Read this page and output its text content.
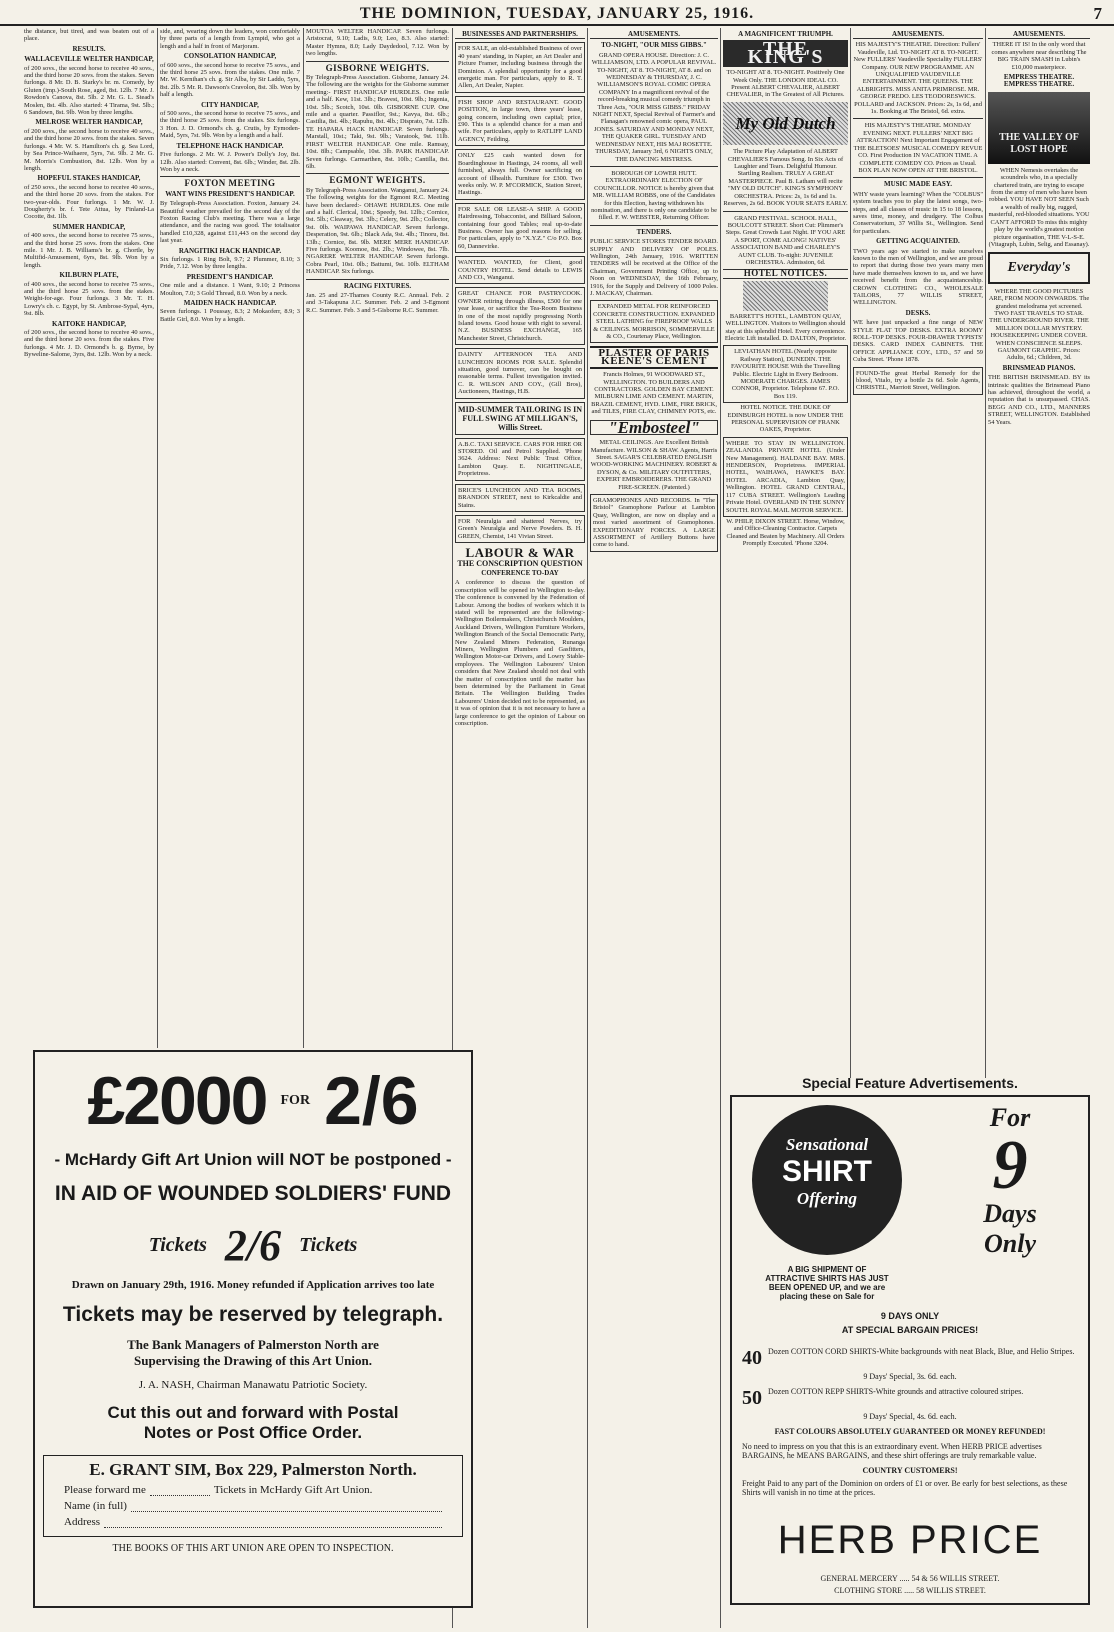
THE DOMINION, TUESDAY, JANUARY 25, 1916.	7

the distance, but tired, and was beaten out of a place.

RESULTS.

WALLACEVILLE WELTER HANDICAP,

of 200 sovs., the second horse to receive 40 sovs., and the third horse 20 sovs. from the stakes. Seven furlongs. 8 Mr. D. B. Starky's br. m. Comedy, by Gluten (imp.)-South Rose, aged, 8st. 12lb. 7 Mr. J. Rowdon's Canova, 8st. 5lb. 2 Mr. G. L. Stead's Moslen, 8st. 4lb. Also started: 4 Tirama, 9st. 5lb.; 6 Sandown, 8st. 9lb. Won by three lengths.

MELROSE WELTER HANDICAP,

of 200 sovs., the second horse to receive 40 sovs., and the third horse 20 sovs. from the stakes. Seven furlongs. 4 Mr. W. S. Hamilton's ch. g. Sea Lord, by Sea Prince-Waihaere, 5yrs, 7st. 9lb. 2 Mr. G. M. Morris's Combustion, 8st. 12lb. Won by a length.

HOPEFUL STAKES HANDICAP,

of 250 sovs., the second horse to receive 40 sovs., and the third horse 20 sovs. from the stakes. For two-year-olds. Four furlongs. 1 Mr. W. J. Dougherty's br. f. Tete Attua, by Finland-La Cocotte, 8st. 1lb.

SUMMER HANDICAP,

of 400 sovs., the second horse to receive 75 sovs., and the third horse 25 sovs. from the stakes. One mile. 1 Mr. J. B. Williams's br. g. Chortle, by Multifid-Amusement, 6yrs, 8st. 9lb. Won by a length.

KILBURN PLATE,

of 400 sovs., the second horse to receive 75 sovs., and the third horse 25 sovs. from the stakes. Weight-for-age. Four furlongs. 3 Mr. T. H. Lowry's ch. c. Egypt, by St. Ambrose-Sypal, 4yrs, 9st. 8lb.

KAITOKE HANDICAP,

of 200 sovs., the second horse to receive 40 sovs., and the third horse 20 sovs. from the stakes. Five furlongs. 4 Mr. J. D. Ormond's b. g. Byrne, by Byweline-Salome, 3yrs, 8st. 12lb. Won by a neck.

side, and, wearing down the leaders, won comfortably by three parts of a length from Lympid, who got a length and a half in front of Marjoram.

CONSOLATION HANDICAP,

of 600 sovs., the second horse to receive 75 sovs., and the third horse 25 sovs. from the stakes. One mile. 7 Mr. W. Kernihan's ch. g. Sir Alba, by Sir Laddo, 5yrs, 8st. 2lb. 5 Mr. R. Dawson's Cravolon, 8st. 3lb. Won by half a length.

CITY HANDICAP,

of 500 sovs., the second horse to receive 75 sovs., and the third horse 25 sovs. from the stakes. Six furlongs. 3 Hon. J. D. Ormond's ch. g. Crutis, by Eymoden-Maid, 5yrs, 7st. 9lb. Won by a length and a half.

TELEPHONE HACK HANDICAP.

Five furlongs. 2 Mr. W. J. Power's Dolly's Joy, 8st. 12lb. Also started: Convent, 8st. 6lb.; Winder, 8st. 2lb. Won by a neck.

FOXTON MEETING
WANT WINS PRESIDENT'S HANDICAP.

By Telegraph-Press Association. Foxton, January 24. Beautiful weather prevailed for the second day of the Foxton Racing Club's meeting. There was a large attendance, and the racing was good. The totalisator handled £10,328, against £11,443 on the second day last year.

RANGITIKI HACK HANDICAP.

Six furlongs. 1 Ring Bolt, 9.7; 2 Plummer, 8.10; 3 Pride, 7.12. Won by three lengths.

PRESIDENT'S HANDICAP.

One mile and a distance. 1 Want, 9.10; 2 Princess Moulton, 7.0; 3 Gold Thread, 8.0. Won by a neck.

MAIDEN HACK HANDICAP.

Seven furlongs. 1 Poussay, 8.3; 2 Mokaoferr, 8.9; 3 Battle Girl, 8.0. Won by a length.

MOUTOA WELTER HANDICAP. Seven furlongs. Aristocrat, 9.10; Ladis, 9.0; Leo, 8.3. Also started: Master Hymns, 8.0; Lady Daydedool, 7.12. Won by two lengths.

GISBORNE WEIGHTS.

By Telegraph-Press Association. Gisborne, January 24. The following are the weights for the Gisborne summer meeting:- FIRST HANDICAP HURDLES. One mile and a half. Kew, 11st. 3lb.; Bravest, 10st. 9lb.; Ingenia, 10st. 5lb.; Scotch, 10st. 0lb. GISBORNE CUP. One mile and a quarter. Passiflor, 9st.; Kavya, 8st. 6lb.; Castilia, 8st. 4lb.; Rapuhu, 8st. 4lb.; Disprato, 7st. 12lb. TE HAPARA HACK HANDICAP. Seven furlongs. Marstall, 10st.; Taki, 9st. 9lb.; Varatook, 9st. 11lb. FIRST WELTER HANDICAP. One mile. Ramsay, 10st. 8lb.; Campsable, 10st. 3lb. PARK HANDICAP. Seven furlongs. Carmarthen, 8st. 10lb.; Cantilla, 8st. 6lb.

EGMONT WEIGHTS.

By Telegraph-Press Association. Wanganui, January 24. The following weights for the Egmont R.C. Meeting have been declared:- OHAWE HURDLES. One mile and a half. Clerical, 10st.; Speedy, 9st. 12lb.; Cornice, 9st. 5lb.; Cleaway, 9st. 3lb.; Celery, 9st. 2lb.; Collector, 9st. 0lb. WAIPAWA HANDICAP. Seven furlongs. Desperation, 9st. 6lb.; Black Ada, 9st. 4lb.; Tinoru, 8st. 13lb.; Cornice, 8st. 9lb. MERE MERE HANDICAP. Five furlongs. Koomoe, 8st. 2lb.; Windowee, 8st. 7lb. NGARERE WELTER HANDICAP. Seven furlongs. Cobra Pearl, 10st. 0lb.; Battumi, 9st. 10lb. ELTHAM HANDICAP. Six furlongs.

RACING FIXTURES.

Jan. 25 and 27-Thames County R.C. Annual. Feb. 2 and 3-Takapuna J.C. Summer. Feb. 2 and 3-Egmont R.C. Summer. Feb. 3 and 5-Gisborne R.C. Summer.

BUSINESSES AND PARTNERSHIPS.

FOR SALE, an old-established Business of over 40 years' standing, in Napier, an Art Dealer and Picture Framer, including business through the Dominion. A splendial opportunity for a good energetic man. For particulars, apply to R. T. Allen, Art Dealer, Napier.

FISH SHOP AND RESTAURANT. GOOD POSITION, in large town, three years' lease, going concern, including own capital; price, £90. This is a splendid chance for a man and wife. For particulars, apply to RATLIFF LAND AGENCY, Feilding.

ONLY £25 cash wanted down for Boardinghouse in Hastings, 24 rooms, all well furnished, always full. Owner sacrificing on account of illhealth. Furniture for £300. Two weeks only. W. P. M'CORMICK, Station Street, Hastings.

FOR SALE OR LEASE-A SHIP. A GOOD Hairdressing, Tobacconist, and Billiard Saloon, containing four good Tables; real up-to-date Business. Owner has good reasons for selling. For particulars, apply to "X.Y.Z." C/o P.O. Box 60, Dannevirke.

WANTED. WANTED, for Client, good COUNTRY HOTEL. Send details to LEWIS AND CO., Wanganui.

GREAT CHANCE FOR PASTRYCOOK. OWNER retiring through illness, £500 for one year lease, or sacrifice the Tea-Room Business in one of the most rapidly progressing North Island towns. Good house with right to several. N.Z. BUSINESS EXCHANGE, 165 Manchester Street, Christchurch.

DAINTY AFTERNOON TEA AND LUNCHEON ROOMS FOR SALE. Splendid situation, good turnover, can be bought on reasonable terms. Fullest investigation invited. C. R. WILSON AND COY., (Gill Bros), Auctioneers, Hastings, H.B.

MID-SUMMER TAILORING IS IN FULL SWING AT MILLIGAN'S, Willis Street.

A.B.C. TAXI SERVICE. CARS FOR HIRE OR STORED. Oil and Petrol Supplied. 'Phone 3624. Address: Next Public Trust Office, Lambton Quay. E. NIGHTINGALE, Proprietress.

BRICE'S LUNCHEON AND TEA ROOMS, BRANDON STREET, next to Kirkcaldie and Stains.

FOR Neuralgia and shattered Nerves, try Green's Neuralgia and Nerve Powders. B. H. GREEN, Chemist, 141 Vivian Street.

LABOUR & WAR
THE CONSCRIPTION QUESTION
CONFERENCE TO-DAY

A conference to discuss the question of conscription will be opened in Wellington to-day. The conference is convened by the Federation of Labour. Among the bodies of workers which it is stated will be represented are the following:-Wellington Boilermakers, Christchurch Moulders, Auckland Drivers, Wellington Furniture Workers, Wellington Branch of the Social Democratic Party, New Zealand Miners Federation, Runanga Miners, Wellington Plumbers and Gasfitters, Wellington Motor-car Drivers, and Lowry Stable-employees. The Wellington Labourers' Union considers that New Zealand should not deal with the matter of conscription until the matter has been determined by the Parliament in Great Britain. The Wellington Building Trades Labourers' Union decided not to be represented, as it was of opinion that it is not necessary to have a large conference to get the opinion of Labour on conscription.

AMUSEMENTS.
TO-NIGHT, "OUR MISS GIBBS."

GRAND OPERA HOUSE. Direction: J. C. WILLIAMSON, LTD. A POPULAR REVIVAL. TO-NIGHT, AT 8. TO-NIGHT, AT 8. and on WEDNESDAY & THURSDAY, J. C. WILLIAMSON'S ROYAL COMIC OPERA COMPANY In a magnificent revival of the record-breaking musical comedy triumph in Three Acts, "OUR MISS GIBBS." FRIDAY NIGHT NEXT, Special Revival of Farmer's and Flanagan's renowned comic opera, PAUL JONES. SATURDAY AND MONDAY NEXT, THE QUAKER GIRL. TUESDAY AND WEDNESDAY NEXT, HIS MAJ ROSETTE. THURSDAY, January 3rd, 6 NIGHTS ONLY, THE DANCING MISTRESS.

BOROUGH OF LOWER HUTT. EXTRAORDINARY ELECTION OF COUNCILLOR. NOTICE is hereby given that MR. WILLIAM ROBBS, one of the Candidates for this Election, having withdrawn his nomination, and there is only one candidate to be filled. F. W. WEBSTER, Returning Officer.

TENDERS.

PUBLIC SERVICE STORES TENDER BOARD. SUPPLY AND DELIVERY OF POLES. Wellington, 24th January, 1916. WRITTEN TENDERS will be received at the Office of the Chairman, Government Printing Office, up to Noon on WEDNESDAY, the 16th February, 1916, for the Supply and Delivery of 1000 Poles. J. MACKAY, Chairman.

EXPANDED METAL FOR REINFORCED CONCRETE CONSTRUCTION. EXPANDED STEEL LATHING for FIREPROOF WALLS & CEILINGS. MORRISON, SOMMERVILLE & CO., Courtenay Place, Wellington.

PLASTER OF PARIS KEENE'S CEMENT

Francis Holmes, 91 WOODWARD ST., WELLINGTON. TO BUILDERS AND CONTRACTORS. GOLDEN BAY CEMENT. MILBURN LIME AND CEMENT. MARTIN, BRAZIL CEMENT, HYD. LIME, FIRE BRICK, and TILES, FIRE CLAY, CHIMNEY POTS, etc.

"Embosteel"

METAL CEILINGS. Are Excellent British Manufacture. WILSON & SHAW. Agents, Harris Street. SAGAR'S CELEBRATED ENGLISH WOOD-WORKING MACHINERY. ROBERT & DYSON, & Co. MILITARY OUTFITTERS, EXPERT EMBROIDERERS. THE GRAND FIRE-SCREEN. (Patented.)

GRAMOPHONES AND RECORDS. In "The Bristol" Gramophone Parlour at Lambton Quay, Wellington, are now on display and a most varied assortment of Gramophones. EXPEDITIONARY FORCES. A LARGE ASSORTMENT of Artillery Buttons have come to hand.

A MAGNIFICENT TRIUMPH.
THE KING'S

TO-NIGHT AT 8. TO-NIGHT. Positively One Week Only. THE LONDON IDEAL CO. Present ALBERT CHEVALIER, ALBERT CHEVALIER, in The Greatest of All Pictures.

My Old Dutch

The Picture Play Adaptation of ALBERT CHEVALIER'S Famous Song. In Six Acts of Laughter and Tears. Delightful Humour. Startling Realism. TRULY A GREAT MASTERPIECE. Paul B. Latham will recite "MY OLD DUTCH". KING'S SYMPHONY ORCHESTRA. Prices: 2s, 1s 6d and 1s. Reserves, 2s 6d. BOOK YOUR SEATS EARLY.

GRAND FESTIVAL. SCHOOL HALL, BOULCOTT STREET. Short Cut: Plimmer's Steps. Great Crowds Last Night. IF YOU ARE A SPORT, COME ALONG! NATIVES' ASSOCIATION BAND and CHARLEY'S AUNT CLUB. To-night: JUVENILE ORCHESTRA. Admission, 6d.

HOTEL NOTICES.

BARRETT'S HOTEL, LAMBTON QUAY, WELLINGTON. Visitors to Wellington should stay at this splendid Hotel. Every convenience. Electric Lift installed. D. DALTON, Proprietor.

LEVIATHAN HOTEL (Nearly opposite Railway Station), DUNEDIN. THE FAVOURITE HOUSE With the Travelling Public. Electric Light in Every Bedroom. MODERATE CHARGES. JAMES CONNOR, Proprietor. Telephone 67. P.O. Box 119.

HOTEL NOTICE. THE DUKE OF EDINBURGH HOTEL is now UNDER THE PERSONAL SUPERVISION OF FRANK OAKES, Proprietor.

WHERE TO STAY IN WELLINGTON. ZEALANDIA PRIVATE HOTEL (Under New Management). HALDANE BAY. MRS. HENDERSON, Proprietress. IMPERIAL HOTEL, WAIHAWA, HAWKE'S BAY. HOTEL ARCADIA, Lambton Quay, Wellington. HOTEL GRAND CENTRAL, 117 CUBA STREET. Wellington's Leading Private Hotel. OVERLAND IN THE SUNNY SOUTH. ROYAL MAIL MOTOR SERVICE.

W. PHILP, DIXON STREET. Horse, Window, and Office-Cleaning Contractor. Carpets Cleaned and Beaten by Machinery. All Orders Promptly Executed. 'Phone 3204.

AMUSEMENTS.

HIS MAJESTY'S THEATRE. Direction: Fullers' Vaudeville, Ltd. TO-NIGHT AT 8. TO-NIGHT. New FULLERS' Vaudeville Speciality FULLERS' Company. OUR NEW PROGRAMME. AN UNQUALIFIED VAUDEVILLE ENTERTAINMENT. THE QUEENS. THE ALBRIGHTS. MISS ANITA PRIMROSE. MR. GEORGE FREDO. LES TEODORESWICS. POLLARD and JACKSON. Prices: 2s, 1s 6d, and 1s. Booking at The Bristol, 6d. extra.

HIS MAJESTY'S THEATRE. MONDAY EVENING NEXT. FULLERS' NEXT BIG ATTRACTION! Next Important Engagement of THE BLETSOES' MUSICAL COMEDY REVUE CO. First Production IN VACATION TIME. A COMPLETE COMEDY CO. Prices as Usual. BOX PLAN NOW OPEN AT THE BRISTOL.

MUSIC MADE EASY.

WHY waste years learning? When the "COLBUS" system teaches you to play the latest songs, two-steps, and all classes of music in 15 to 18 lessons, saves time, money, and drudgery. The Colbus Conservatorium, 37 Willis St., Wellington. Send for particulars.

GETTING ACQUAINTED.

TWO years ago we started to make ourselves known to the men of Wellington, and we are proud to report that during those two years many men have made themselves known to us, and we have received benefit from the acquaintanceship. CROWN CLOTHING CO., WHOLESALE TAILORS, 77 WILLIS STREET, WELLINGTON.

DESKS.

WE have just unpacked a fine range of NEW STYLE FLAT TOP DESKS. EXTRA ROOMY ROLL-TOP DESKS. FOUR-DRAWER TYPISTS' DESKS. CARD INDEX CABINETS. THE OFFICE APPLIANCE COY., LTD., 57 and 59 Cuba Street. 'Phone 1878.

FOUND-The great Herbal Remedy for the blood, Vitalo, try a bottle 2s 6d. Sole Agents, CHRISTEL, Marriott Street, Wellington.

AMUSEMENTS.

THERE IT IS! In the only word that comes anywhere near describing The BIG TRAIN SMASH in Lubin's £10,000 masterpiece.

EMPRESS THEATRE. EMPRESS THEATRE.
THE VALLEY OF LOST HOPE

WHEN Nemesis overtakes the scoundrels who, in a specially chartered train, are trying to escape from the army of men who have been robbed. YOU HAVE NOT SEEN Such a wealth of really big, rugged, masterful, red-blooded situations. YOU CAN'T AFFORD To miss this mighty play by the world's greatest motion picture organisation, THE V-L-S-E. (Vitagraph, Lubin, Selig, and Essanay).

Everyday's

WHERE THE GOOD PICTURES ARE, FROM NOON ONWARDS. The grandest melodrama yet screened. TWO FAST TRAVELS TO STAR. THE UNDERGROUND RIVER. THE MILLION DOLLAR MYSTERY. HOUSEKEEPING UNDER COVER. WHEN CONSCIENCE SLEEPS. GAUMONT GRAPHIC. Prices: Adults, 6d.; Children, 3d.

BRINSMEAD PIANOS.

THE BRITISH BRINSMEAD. BY its intrinsic qualities the Brinsmead Piano has achieved, throughout the world, a reputation that is unsurpassed. CHAS. BEGG AND CO., LTD., MANNERS STREET, WELLINGTON. Established 54 Years.

£2000 FOR 2/6
- McHardy Gift Art Union will NOT be postponed -
IN AID OF WOUNDED SOLDIERS' FUND
Tickets 2/6 Tickets
Drawn on January 29th, 1916. Money refunded if Application arrives too late
Tickets may be reserved by telegraph.
The Bank Managers of Palmerston North are Supervising the Drawing of this Art Union.
J. A. NASH, Chairman Manawatu Patriotic Society.
Cut this out and forward with Postal Notes or Post Office Order.
E. GRANT SIM, Box 229, Palmerston North.
Please forward me	Tickets in McHardy Gift Art Union.
Name (in full)
Address
THE BOOKS OF THIS ART UNION ARE OPEN TO INSPECTION.
Special Feature Advertisements.
Sensational
SHIRT
Offering
For
9
Days
Only
A BIG SHIPMENT OF ATTRACTIVE SHIRTS HAS JUST BEEN OPENED UP, and we are placing these on Sale for
9 DAYS ONLY
AT SPECIAL BARGAIN PRICES!
40 Dozen COTTON CORD SHIRTS-White backgrounds with neat Black, Blue, and Helio Stripes.
9 Days' Special, 3s. 6d. each.
50 Dozen COTTON REPP SHIRTS-White grounds and attractive coloured stripes.
9 Days' Special, 4s. 6d. each.
FAST COLOURS ABSOLUTELY GUARANTEED OR MONEY REFUNDED!
No need to impress on you that this is an extraordinary event. When HERB PRICE advertises BARGAINS, he MEANS BARGAINS, and these shirt offerings are truly remarkable value.
COUNTRY CUSTOMERS!
Freight Paid to any part of the Dominion on orders of £1 or over. Be early for best selections, as these Shirts will vanish in no time at the prices.
HERB PRICE
GENERAL MERCERY ..... 54 & 56 WILLIS STREET.
CLOTHING STORE ..... 58 WILLIS STREET.
